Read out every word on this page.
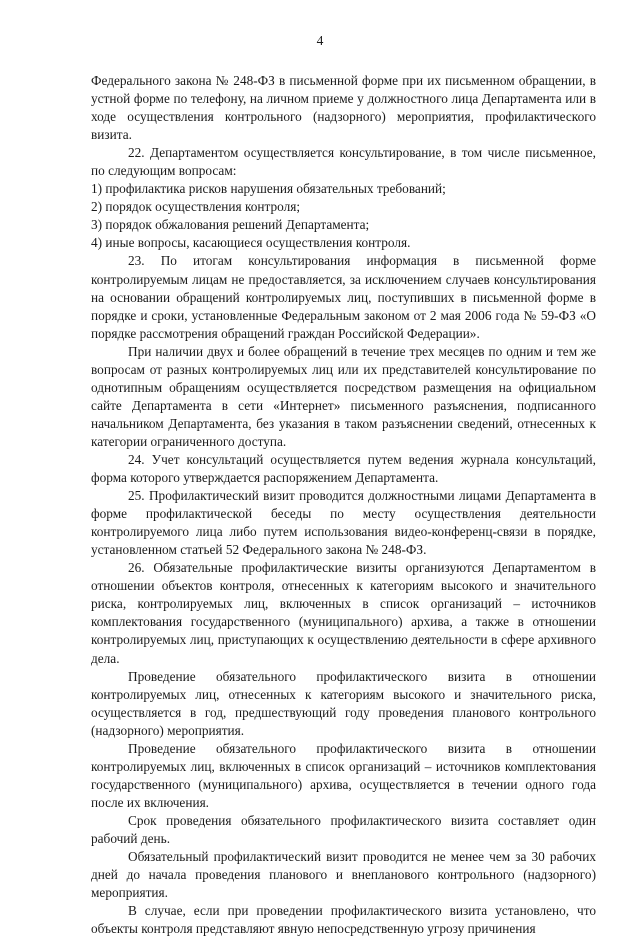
4

Федерального закона № 248-ФЗ в письменной форме при их письменном обращении, в устной форме по телефону, на личном приеме у должностного лица Департамента или в ходе осуществления контрольного (надзорного) мероприятия, профилактического визита.

22. Департаментом осуществляется консультирование, в том числе письменное, по следующим вопросам:

1) профилактика рисков нарушения обязательных требований;

2) порядок осуществления контроля;

3) порядок обжалования решений Департамента;

4) иные вопросы, касающиеся осуществления контроля.

23. По итогам консультирования информация в письменной форме контролируемым лицам не предоставляется, за исключением случаев консультирования на основании обращений контролируемых лиц, поступивших в письменной форме в порядке и сроки, установленные Федеральным законом от 2 мая 2006 года № 59-ФЗ «О порядке рассмотрения обращений граждан Российской Федерации».

При наличии двух и более обращений в течение трех месяцев по одним и тем же вопросам от разных контролируемых лиц или их представителей консультирование по однотипным обращениям осуществляется посредством размещения на официальном сайте Департамента в сети «Интернет» письменного разъяснения, подписанного начальником Департамента, без указания в таком разъяснении сведений, отнесенных к категории ограниченного доступа.

24. Учет консультаций осуществляется путем ведения журнала консультаций, форма которого утверждается распоряжением Департамента.

25. Профилактический визит проводится должностными лицами Департамента в форме профилактической беседы по месту осуществления деятельности контролируемого лица либо путем использования видео-конференц-связи в порядке, установленном статьей 52 Федерального закона № 248-ФЗ.

26. Обязательные профилактические визиты организуются Департаментом в отношении объектов контроля, отнесенных к категориям высокого и значительного риска, контролируемых лиц, включенных в список организаций – источников комплектования государственного (муниципального) архива, а также в отношении контролируемых лиц, приступающих к осуществлению деятельности в сфере архивного дела.

Проведение обязательного профилактического визита в отношении контролируемых лиц, отнесенных к категориям высокого и значительного риска, осуществляется в год, предшествующий году проведения планового контрольного (надзорного) мероприятия.

Проведение обязательного профилактического визита в отношении контролируемых лиц, включенных в список организаций – источников комплектования государственного (муниципального) архива, осуществляется в течении одного года после их включения.

Срок проведения обязательного профилактического визита составляет один рабочий день.

Обязательный профилактический визит проводится не менее чем за 30 рабочих дней до начала проведения планового и внепланового контрольного (надзорного) мероприятия.

В случае, если при проведении профилактического визита установлено, что объекты контроля представляют явную непосредственную угрозу причинения
